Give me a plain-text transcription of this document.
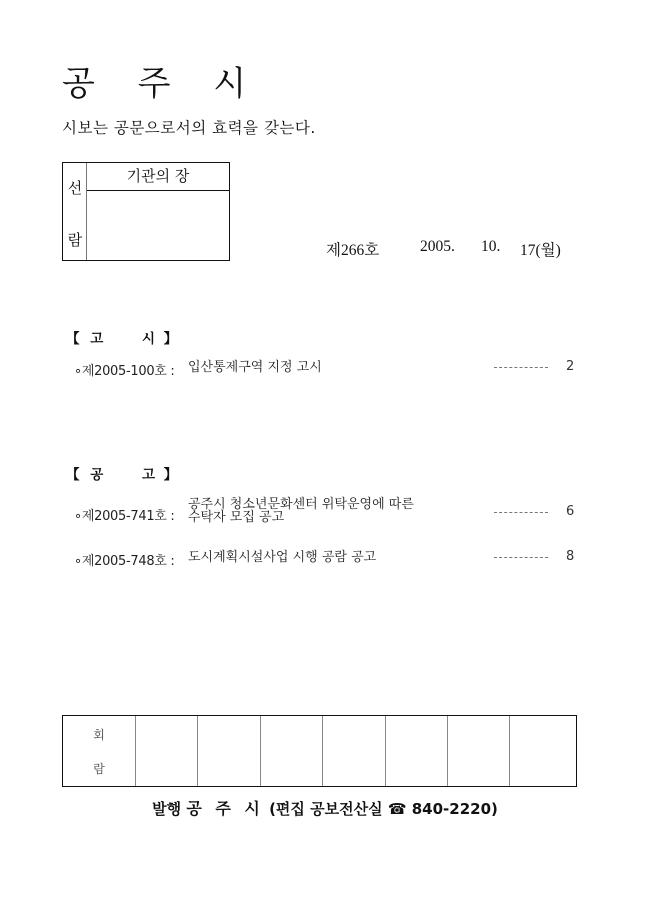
공 주 시
시보는 공문으로서의 효력을 갖는다.
선
람
기관의 장
제266호	2005. 10. 17(월)
【 고	시 】
∘제2005-100호 : 입산통제구역 지정 고시	2
【 공	고 】
∘제2005-741호 :
공주시 청소년문화센터 위탁운영에 따른
수탁자 모집 공고	6
∘제2005-748호 : 도시계획시설사업 시행 공람 공고	8
회
람
발행 공 주 시 (편집 공보전산실 ☎ 840-2220)
